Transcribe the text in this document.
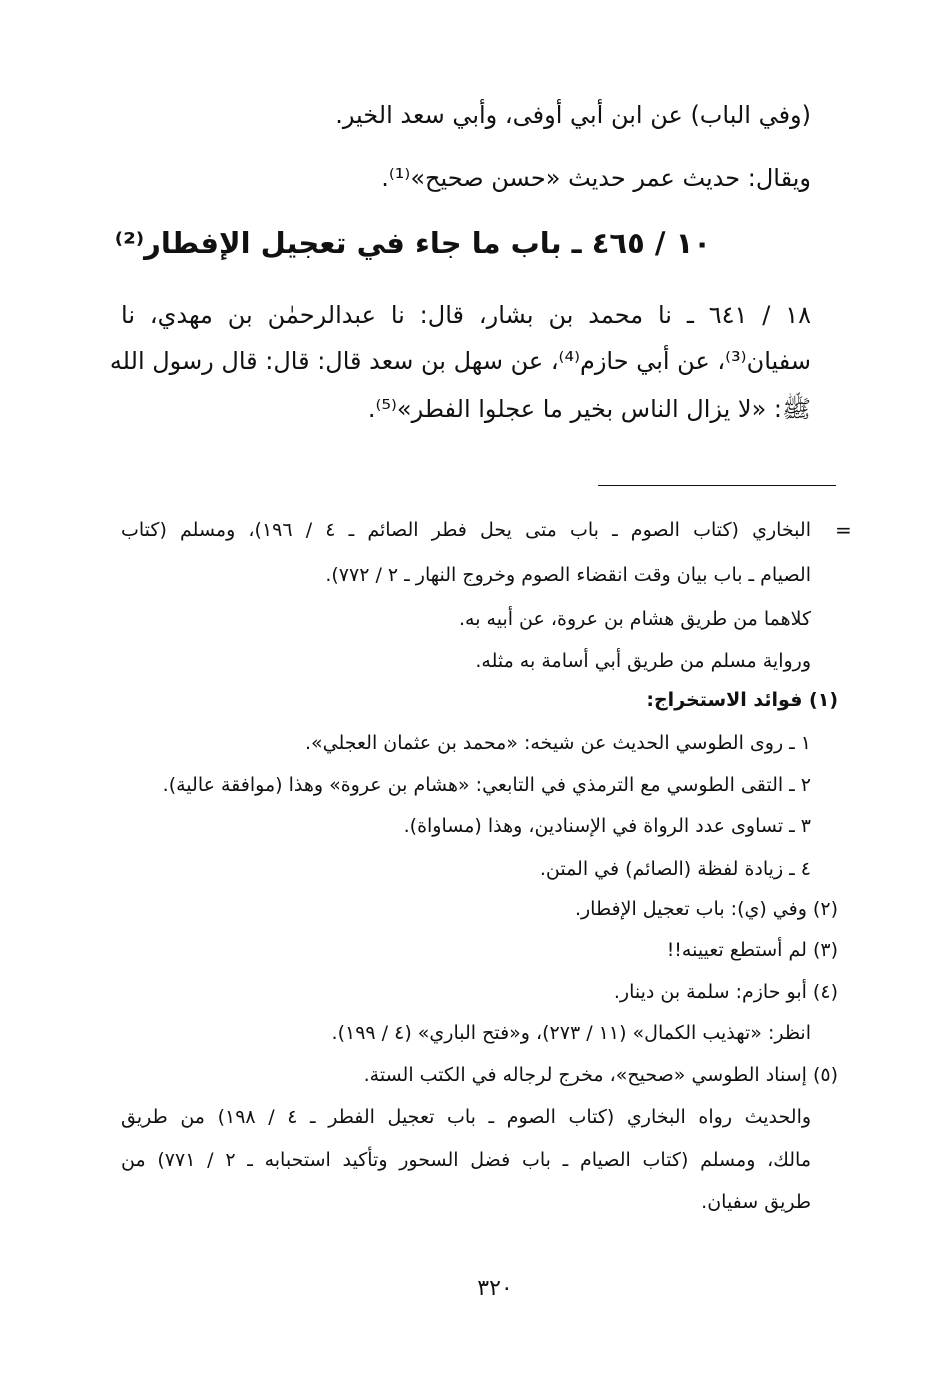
(وفي الباب) عن ابن أبي أوفى، وأبي سعد الخير.
ويقال: حديث عمر حديث «حسن صحيح»⁽¹⁾.
١٠ / ٤٦٥ ـ باب ما جاء في تعجيل الإفطار⁽²⁾
١٨ / ٦٤١ ـ نا محمد بن بشار، قال: نا عبدالرحمٰن بن مهدي، نا
سفيان⁽³⁾، عن أبي حازم⁽⁴⁾، عن سهل بن سعد قال: قال: قال رسول الله
ﷺ: «لا يزال الناس بخير ما عجلوا الفطر»⁽⁵⁾.
=
البخاري (كتاب الصوم ـ باب متى يحل فطر الصائم ـ ٤ / ١٩٦)، ومسلم (كتاب
الصيام ـ باب بيان وقت انقضاء الصوم وخروج النهار ـ ٢ / ٧٧٢).
كلاهما من طريق هشام بن عروة، عن أبيه به.
ورواية مسلم من طريق أبي أسامة به مثله.
(١) فوائد الاستخراج:
١ ـ روى الطوسي الحديث عن شيخه: «محمد بن عثمان العجلي».
٢ ـ التقى الطوسي مع الترمذي في التابعي: «هشام بن عروة» وهذا (موافقة عالية).
٣ ـ تساوى عدد الرواة في الإسنادين، وهذا (مساواة).
٤ ـ زيادة لفظة (الصائم) في المتن.
(٢) وفي (ي): باب تعجيل الإفطار.
(٣) لم أستطع تعيينه!!
(٤) أبو حازم: سلمة بن دينار.
انظر: «تهذيب الكمال» (١١ / ٢٧٣)، و«فتح الباري» (٤ / ١٩٩).
(٥) إسناد الطوسي «صحيح»، مخرج لرجاله في الكتب الستة.
والحديث رواه البخاري (كتاب الصوم ـ باب تعجيل الفطر ـ ٤ / ١٩٨) من طريق
مالك، ومسلم (كتاب الصيام ـ باب فضل السحور وتأكيد استحبابه ـ ٢ / ٧٧١) من
طريق سفيان.
٣٢٠
